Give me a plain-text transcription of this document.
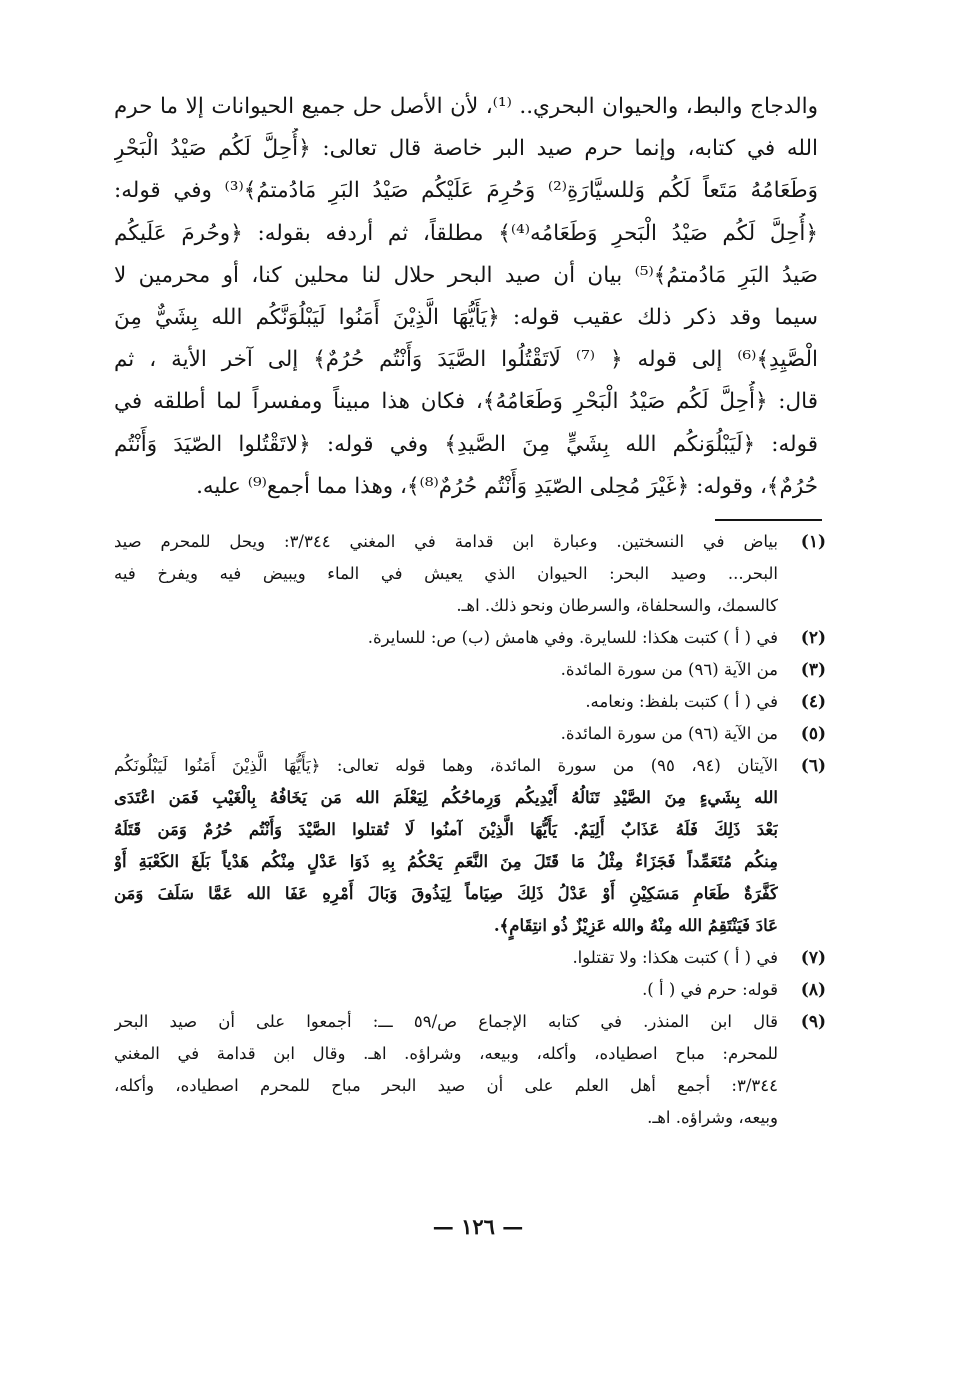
والدجاج والبط، والحيوان البحري.. ⁽¹⁾، لأن الأصل حل جميع الحيوانات إلا ما حرم
الله في كتابه، وإنما حرم صيد البر خاصة قال تعالى: ﴿أُحِلَّ لَكُم صَيْدُ الْبَحْرِ
وَطَعَامُهُ مَتَعاً لَكُم وَللسيَّارَةِ⁽²⁾ وَحُرِمَ عَلَيْكُم صَيْدُ البَرِ مَادُمتمُ﴾⁽³⁾ وفي قوله:
﴿أُحِلَّ لَكُم صَيْدُ الْبَحرِ وَطَعَامُه⁽⁴⁾﴾ مطلقاً، ثم أردفه بقوله: ﴿وحُرمَ عَلَيكُم
صَيدُ البَرِ مَادُمتمُ﴾⁽⁵⁾ بيان أن صيد البحر حلال لنا محلين كنا، أو محرمين لا
سيما وقد ذكر ذلك عقيب قوله: ﴿يَأَيُّهَا الَّذِيْنَ أَمَنُوا لَيَبْلُوَنَّكُم الله بِشَيٌّ مِنَ
الْصَّيِدِ﴾⁽⁶⁾ إلى قوله ﴿ ⁽⁷⁾ لَاتَقْتُلُوا الصَّيَدَ وَأَنْتُم حُرُمٌ﴾ إلى آخر الأية ، ثم
قال: ﴿أُحِلَّ لَكُم صَيْدُ الْبَحْرِ وَطَعَامُهُ﴾، فكان هذا مبيناً ومفسراً لما أطلقه في
قوله: ﴿لَيَبْلُوَنكُم الله بِشَيٍّ مِنَ الصَّيدِ﴾ وفي قوله: ﴿لاتَقْتُلوا الصّيَدَ وَأَنْتُم
حُرُمٌ﴾، وقوله: ﴿غَيْرَ مُحِلى الصّيَدِ وَأَنْتُم حُرُمٌ⁽⁸⁾﴾، وهذا مما أجمع⁽⁹⁾ عليه.
(١)
بياض في النسختين. وعبارة ابن قدامة في المغني ٣/٣٤٤: ويحل للمحرم صيد
البحر... وصيد البحر: الحيوان الذي يعيش في الماء ويبيض فيه ويفرخ فيه
كالسمك، والسحلفاة، والسرطان ونحو ذلك. اهـ.
(٢)
في ( أ ) كتبت هكذا: للسايرة. وفي هامش (ب) ص: للسايرة.
(٣)
من الآية (٩٦) من سورة المائدة.
(٤)
في ( أ ) كتبت بلفظ: ونعامه.
(٥)
من الآية (٩٦) من سورة المائدة.
(٦)
الآيتان (٩٤، ٩٥) من سورة المائدة، وهما قوله تعالى: ﴿يَأَيُّهَا الَّذِيْنَ أَمَنُوا لَيَبْلُونَكُم
الله بِشَيءٍ مِنَ الصَّيْدِ تَنَالُهُ أَيْدِيكُم وَرِماحُكُم لِيَعْلَمَ الله مَن يَخَافُهُ بِالْغَيْبِ فَمَن اعْتَدَى
بَعْدَ ذَلِكَ فَلَهُ عَذَابٌ أَلِيَمٌ. يَأَيُّهَا الَّذِيْنَ آمنُوا لَا تُقتلوا الصَّيْدَ وَأَنْتُم حُرُمٌ وَمَن قَتَلَهُ
مِنكُم مُتَعَمِّداً فَجَزَاءٌ مِثْلُ مَا قَتَلَ مِنَ النَّعَمِ يَحْكُمُ بِهِ ذَوَا عَدْلٍ مِنْكُم هَدْياً بَلَغَ الكَعْبَةِ أَوْ
كَفَّرَةٌ طَعَامِ مَسَكِيْنِ أَوْ عَدْلُ ذَلِكَ صِيَاماً لِيَذُوقَ وَبَالَ أَمْرِهِ عَفَا الله عَمَّا سَلَفَ وَمَن
عَادَ فَيَنْتَقِمُ الله مِنْهُ والله عَزِيْزٌ ذُو انتِقَامٍ﴾.
(٧)
في ( أ ) كتبت هكذا: ولا تقتلوا.
(٨)
قوله: حرم في ( أ ).
(٩)
قال ابن المنذر. في كتابه الإجماع ص/٥٩ ـــ: أجمعوا على أن صيد البحر
للمحرم: مباح اصطياده، وأكله، وبيعه، وشراؤه. اهـ. وقال ابن قدامة في المغني
٣/٣٤٤: أجمع أهل العلم على أن صيد البحر مباح للمحرم اصطياده، وأكله،
وبيعه، وشراؤه. اهـ.
— ١٢٦ —
